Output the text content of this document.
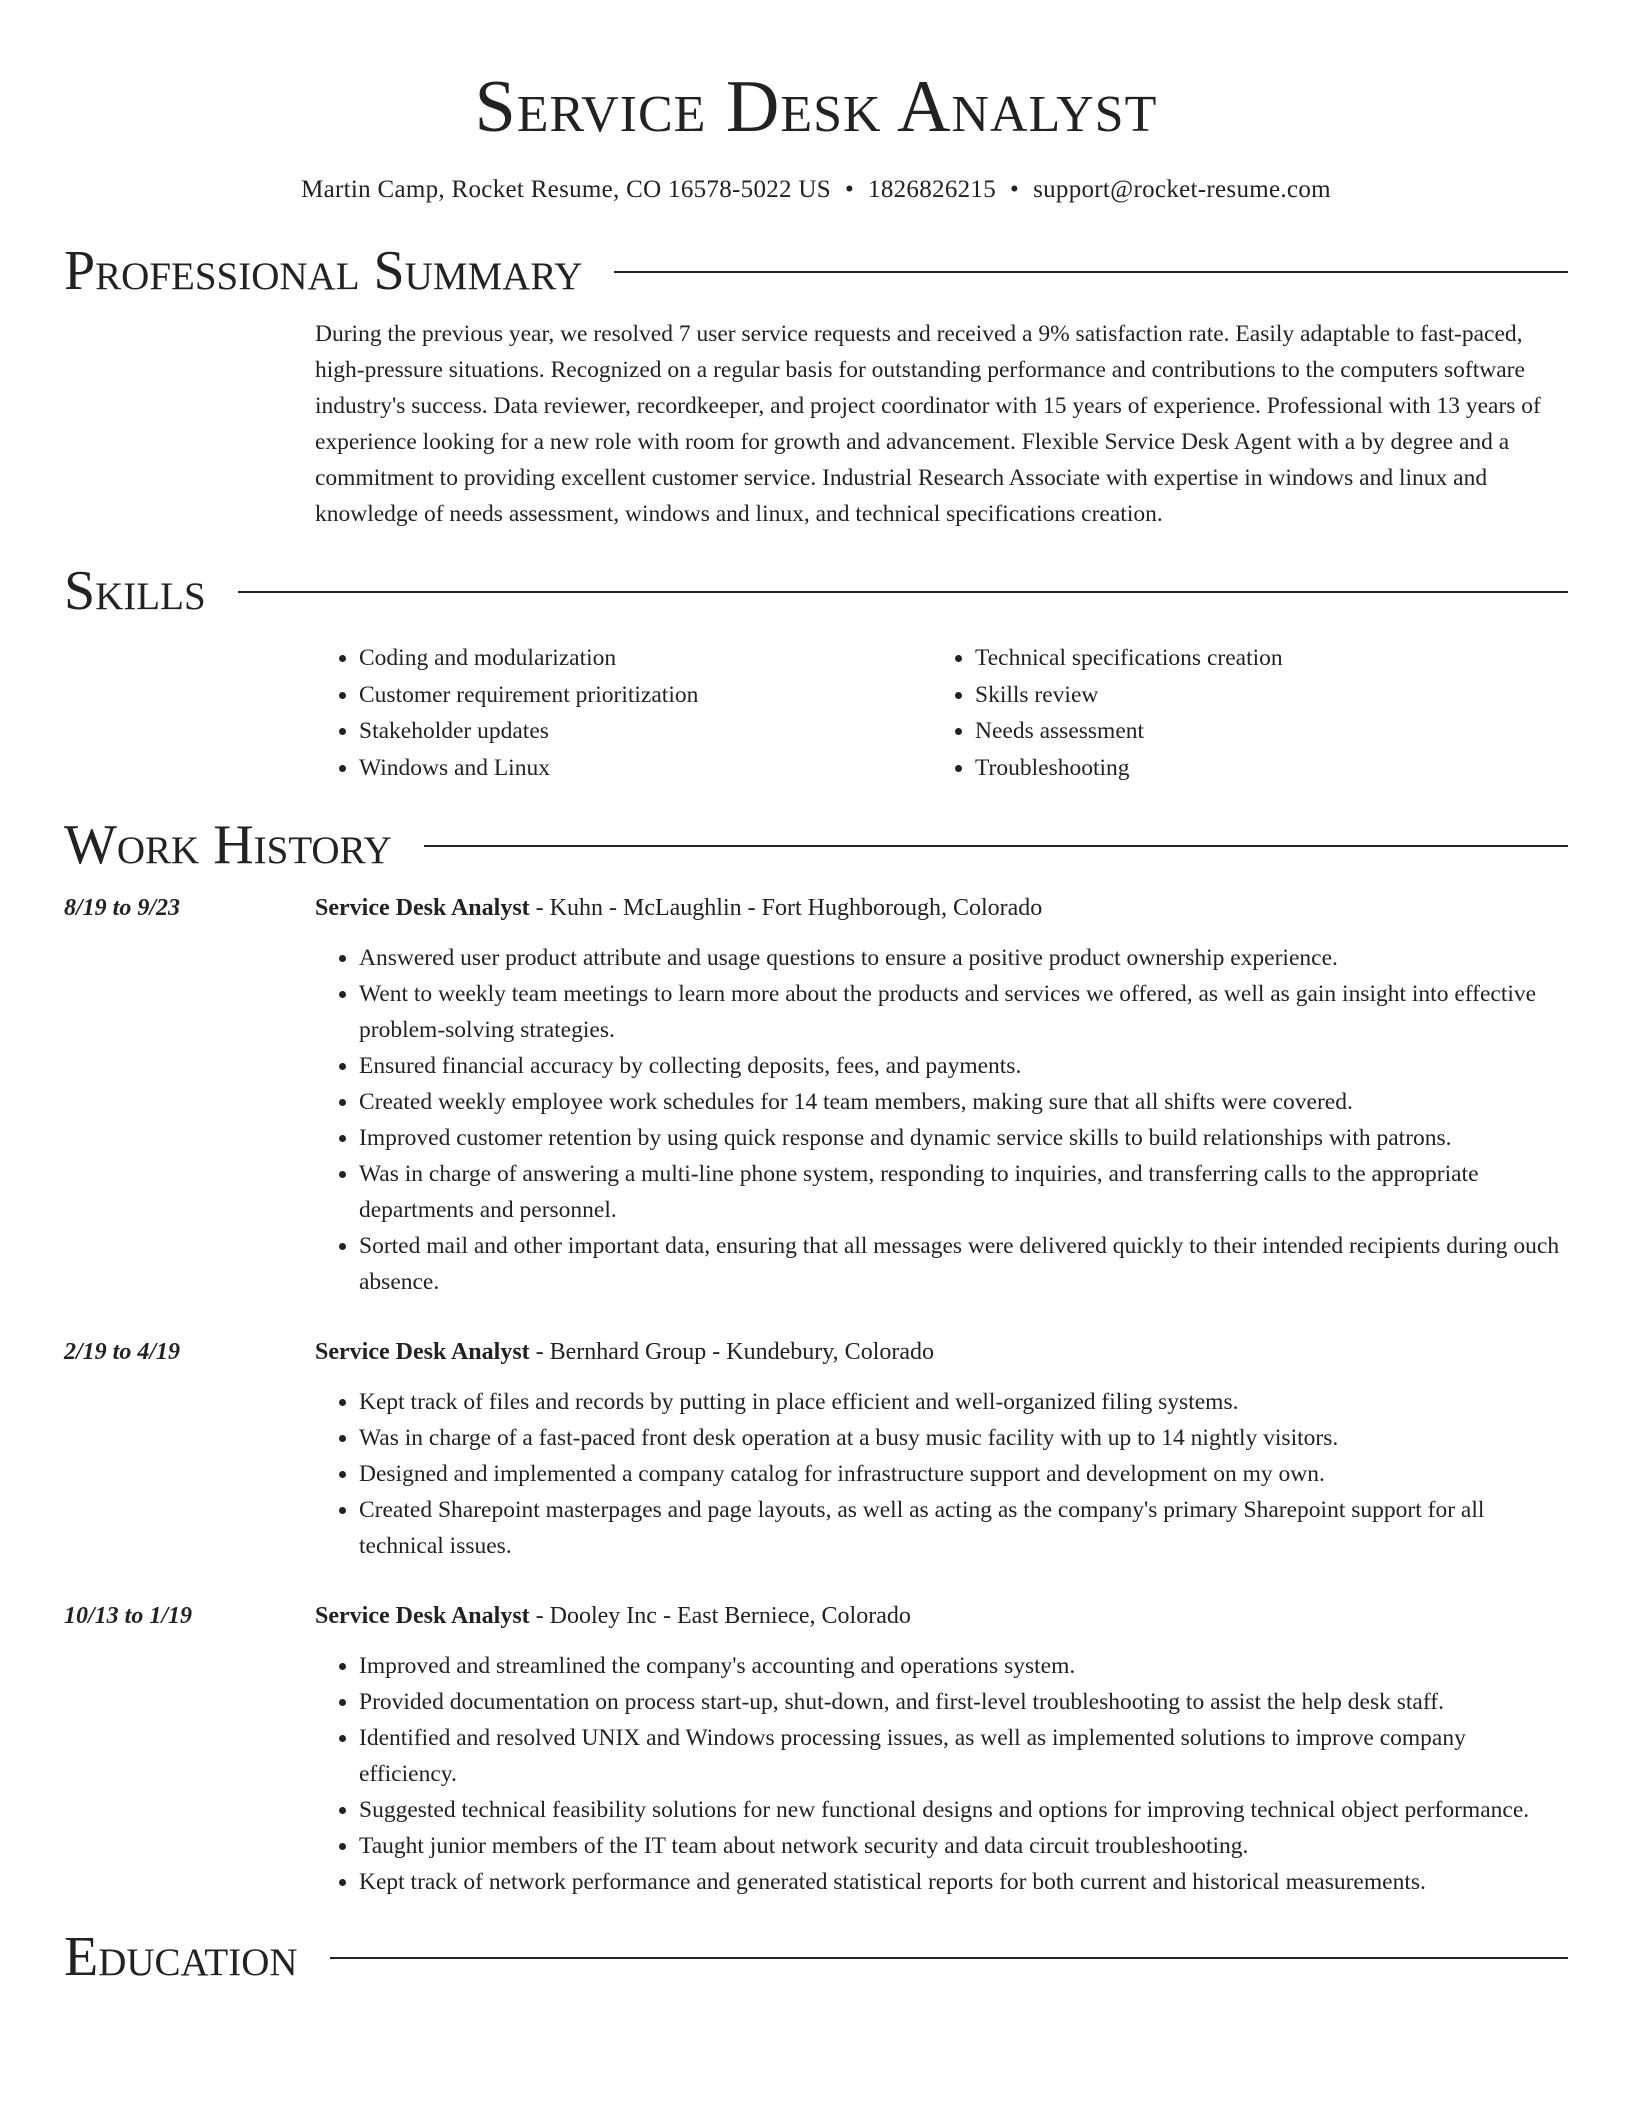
Service Desk Analyst
Martin Camp, Rocket Resume, CO 16578-5022 US • 1826826215 • support@rocket-resume.com
Professional Summary
During the previous year, we resolved 7 user service requests and received a 9% satisfaction rate. Easily adaptable to fast-paced, high-pressure situations. Recognized on a regular basis for outstanding performance and contributions to the computers software industry's success. Data reviewer, recordkeeper, and project coordinator with 15 years of experience. Professional with 13 years of experience looking for a new role with room for growth and advancement. Flexible Service Desk Agent with a by degree and a commitment to providing excellent customer service. Industrial Research Associate with expertise in windows and linux and knowledge of needs assessment, windows and linux, and technical specifications creation.
Skills
• Coding and modularization
• Customer requirement prioritization
• Stakeholder updates
• Windows and Linux
• Technical specifications creation
• Skills review
• Needs assessment
• Troubleshooting
Work History
8/19 to 9/23	Service Desk Analyst - Kuhn - McLaughlin - Fort Hughborough, Colorado
• Answered user product attribute and usage questions to ensure a positive product ownership experience.
• Went to weekly team meetings to learn more about the products and services we offered, as well as gain insight into effective problem-solving strategies.
• Ensured financial accuracy by collecting deposits, fees, and payments.
• Created weekly employee work schedules for 14 team members, making sure that all shifts were covered.
• Improved customer retention by using quick response and dynamic service skills to build relationships with patrons.
• Was in charge of answering a multi-line phone system, responding to inquiries, and transferring calls to the appropriate departments and personnel.
• Sorted mail and other important data, ensuring that all messages were delivered quickly to their intended recipients during ouch absence.
2/19 to 4/19	Service Desk Analyst - Bernhard Group - Kundebury, Colorado
• Kept track of files and records by putting in place efficient and well-organized filing systems.
• Was in charge of a fast-paced front desk operation at a busy music facility with up to 14 nightly visitors.
• Designed and implemented a company catalog for infrastructure support and development on my own.
• Created Sharepoint masterpages and page layouts, as well as acting as the company's primary Sharepoint support for all technical issues.
10/13 to 1/19	Service Desk Analyst - Dooley Inc - East Berniece, Colorado
• Improved and streamlined the company's accounting and operations system.
• Provided documentation on process start-up, shut-down, and first-level troubleshooting to assist the help desk staff.
• Identified and resolved UNIX and Windows processing issues, as well as implemented solutions to improve company efficiency.
• Suggested technical feasibility solutions for new functional designs and options for improving technical object performance.
• Taught junior members of the IT team about network security and data circuit troubleshooting.
• Kept track of network performance and generated statistical reports for both current and historical measurements.
Education
